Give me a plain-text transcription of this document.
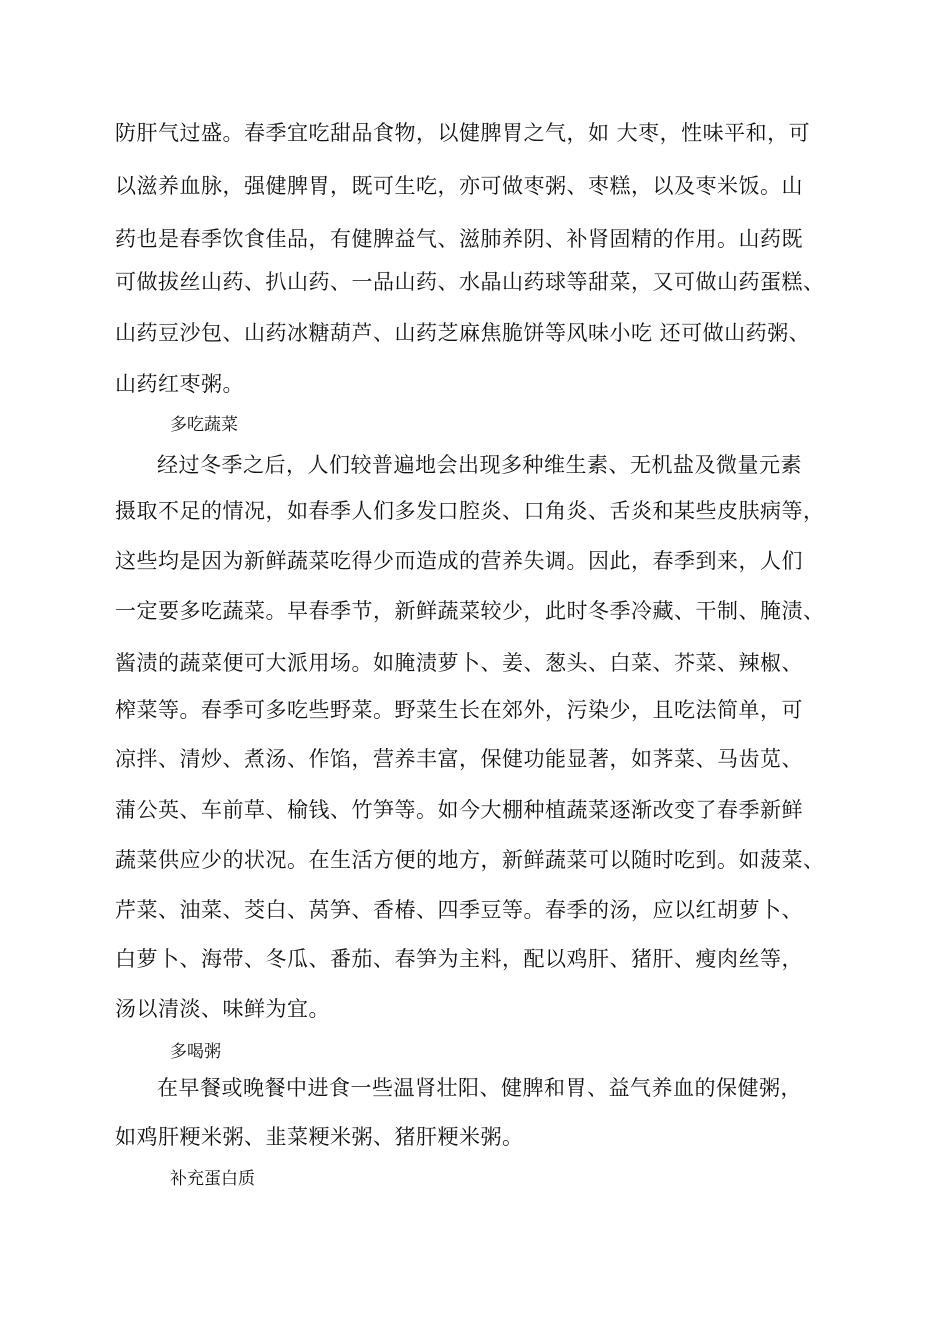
防肝气过盛。春季宜吃甜品食物，以健脾胃之气，如 大枣，性味平和，可
以滋养血脉，强健脾胃，既可生吃，亦可做枣粥、枣糕，以及枣米饭。山
药也是春季饮食佳品，有健脾益气、滋肺养阴、补肾固精的作用。山药既
可做拔丝山药、扒山药、一品山药、水晶山药球等甜菜，又可做山药蛋糕、
山药豆沙包、山药冰糖葫芦、山药芝麻焦脆饼等风味小吃 还可做山药粥、
山药红枣粥。
多吃蔬菜
经过冬季之后，人们较普遍地会出现多种维生素、无机盐及微量元素
摄取不足的情况，如春季人们多发口腔炎、口角炎、舌炎和某些皮肤病等，
这些均是因为新鲜蔬菜吃得少而造成的营养失调。因此，春季到来，人们
一定要多吃蔬菜。早春季节，新鲜蔬菜较少，此时冬季冷藏、干制、腌渍、
酱渍的蔬菜便可大派用场。如腌渍萝卜、姜、葱头、白菜、芥菜、辣椒、
榨菜等。春季可多吃些野菜。野菜生长在郊外，污染少，且吃法简单，可
凉拌、清炒、煮汤、作馅，营养丰富，保健功能显著，如荠菜、马齿苋、
蒲公英、车前草、榆钱、竹笋等。如今大棚种植蔬菜逐渐改变了春季新鲜
蔬菜供应少的状况。在生活方便的地方，新鲜蔬菜可以随时吃到。如菠菜、
芹菜、油菜、茭白、莴笋、香椿、四季豆等。春季的汤，应以红胡萝卜、
白萝卜、海带、冬瓜、番茄、春笋为主料，配以鸡肝、猪肝、瘦肉丝等，
汤以清淡、味鲜为宜。
多喝粥
在早餐或晚餐中进食一些温肾壮阳、健脾和胃、益气养血的保健粥，
如鸡肝粳米粥、韭菜粳米粥、猪肝粳米粥。
补充蛋白质
